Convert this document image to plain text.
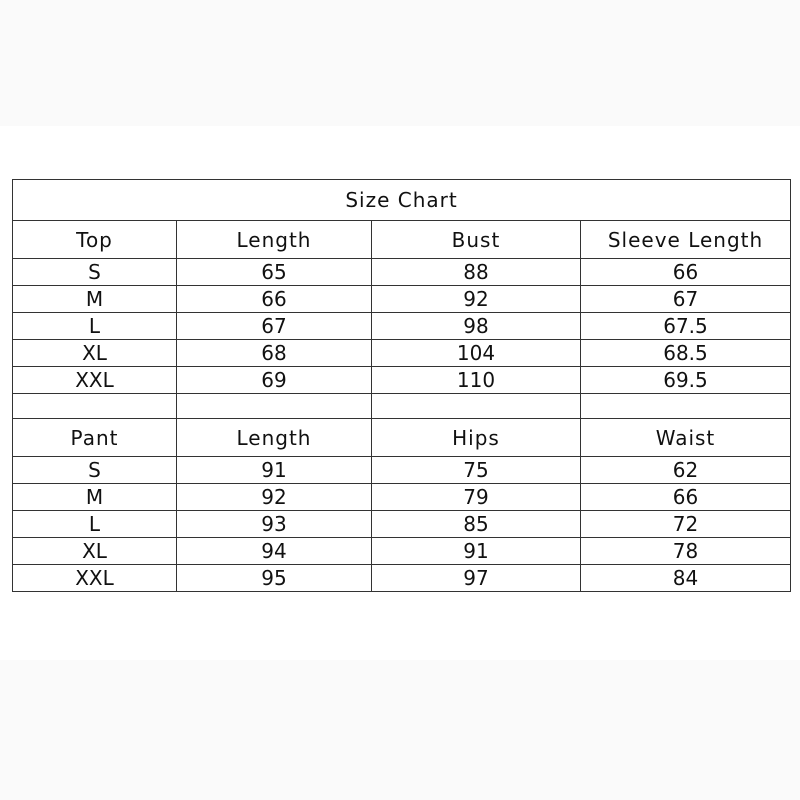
Size Chart			
Top	Length	Bust	Sleeve Length
S	65	88	66
M	66	92	67
L	67	98	67.5
XL	68	104	68.5
XXL	69	110	69.5

Pant	Length	Hips	Waist
S	91	75	62
M	92	79	66
L	93	85	72
XL	94	91	78
XXL	95	97	84
